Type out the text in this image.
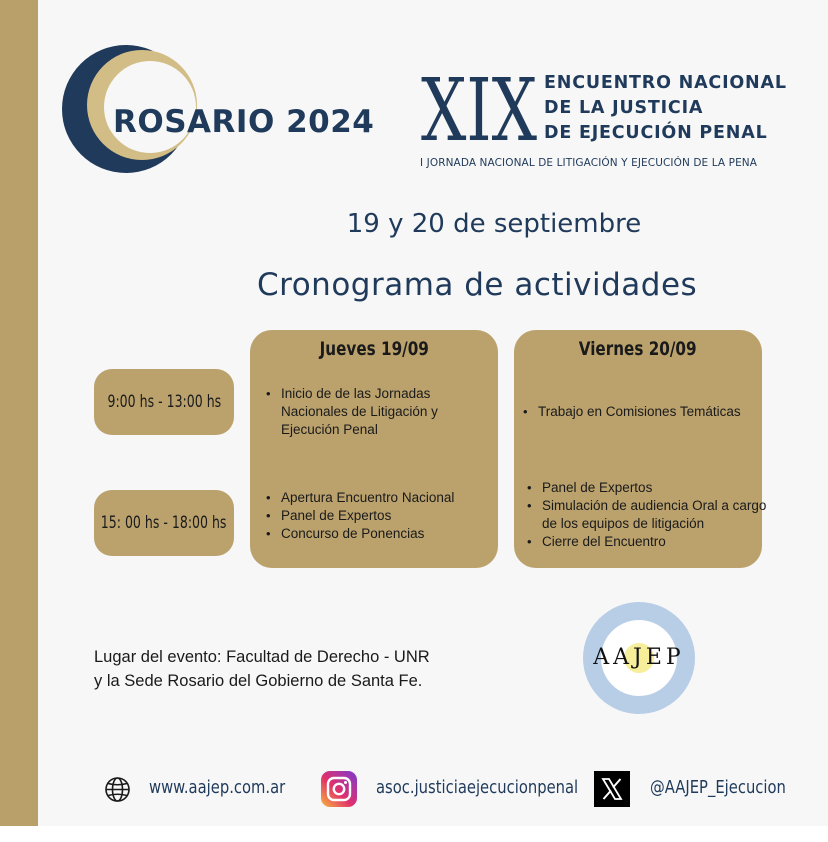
ROSARIO 2024 XIX ENCUENTRO NACIONAL
DE LA JUSTICIA
DE EJECUCIÓN PENAL
I JORNADA NACIONAL DE LITIGACIÓN Y EJECUCIÓN DE LA PENA
19 y 20 de septiembre
Cronograma de actividades
9:00 hs - 13:00 hs
15: 00 hs - 18:00 hs
Jueves 19/09
• Inicio de de las Jornadas Nacionales de Litigación y Ejecución Penal
• Apertura Encuentro Nacional
• Panel de Expertos
• Concurso de Ponencias
Viernes 20/09
• Trabajo en Comisiones Temáticas
• Panel de Expertos
• Simulación de audiencia Oral a cargo de los equipos de litigación
• Cierre del Encuentro
Lugar del evento: Facultad de Derecho - UNR
y la Sede Rosario del Gobierno de Santa Fe.
AAJEP
www.aajep.com.ar	asoc.justiciaejecucionpenal	@AAJEP_Ejecucion
